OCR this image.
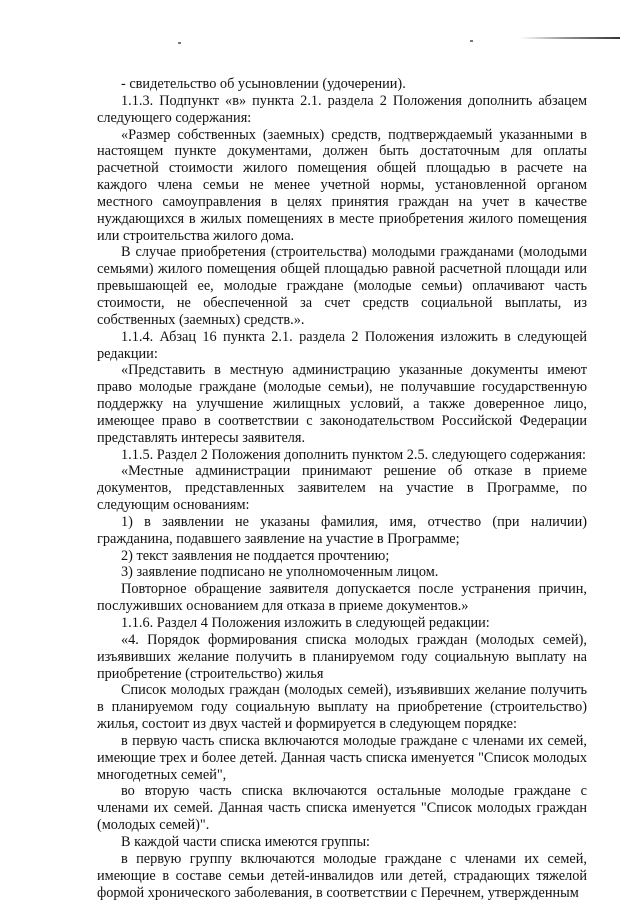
- свидетельство об усыновлении (удочерении).

1.1.3. Подпункт «в» пункта 2.1. раздела 2 Положения дополнить абзацем следующего содержания:

«Размер собственных (заемных) средств, подтверждаемый указанными в настоящем пункте документами, должен быть достаточным для оплаты расчетной стоимости жилого помещения общей площадью в расчете на каждого члена семьи не менее учетной нормы, установленной органом местного самоуправления в целях принятия граждан на учет в качестве нуждающихся в жилых помещениях в месте приобретения жилого помещения или строительства жилого дома.

В случае приобретения (строительства) молодыми гражданами (молодыми семьями) жилого помещения общей площадью равной расчетной площади или превышающей ее, молодые граждане (молодые семьи) оплачивают часть стоимости, не обеспеченной за счет средств социальной выплаты, из собственных (заемных) средств.».

1.1.4. Абзац 16 пункта 2.1. раздела 2 Положения изложить в следующей редакции:

«Представить в местную администрацию указанные документы имеют право молодые граждане (молодые семьи), не получавшие государственную поддержку на улучшение жилищных условий, а также доверенное лицо, имеющее право в соответствии с законодательством Российской Федерации представлять интересы заявителя.

1.1.5. Раздел 2 Положения дополнить пунктом 2.5. следующего содержания:

«Местные администрации принимают решение об отказе в приеме документов, представленных заявителем на участие в Программе, по следующим основаниям:

1) в заявлении не указаны фамилия, имя, отчество (при наличии) гражданина, подавшего заявление на участие в Программе;

2) текст заявления не поддается прочтению;

3) заявление подписано не уполномоченным лицом.

Повторное обращение заявителя допускается после устранения причин, послуживших основанием для отказа в приеме документов.»

1.1.6. Раздел 4 Положения изложить в следующей редакции:

«4. Порядок формирования списка молодых граждан (молодых семей), изъявивших желание получить в планируемом году социальную выплату на приобретение (строительство) жилья

Список молодых граждан (молодых семей), изъявивших желание получить в планируемом году социальную выплату на приобретение (строительство) жилья, состоит из двух частей и формируется в следующем порядке:

в первую часть списка включаются молодые граждане с членами их семей, имеющие трех и более детей. Данная часть списка именуется "Список молодых многодетных семей",

во вторую часть списка включаются остальные молодые граждане с членами их семей. Данная часть списка именуется "Список молодых граждан (молодых семей)".

В каждой части списка имеются группы:

в первую группу включаются молодые граждане с членами их семей, имеющие в составе семьи детей-инвалидов или детей, страдающих тяжелой формой хронического заболевания, в соответствии с Перечнем, утвержденным
